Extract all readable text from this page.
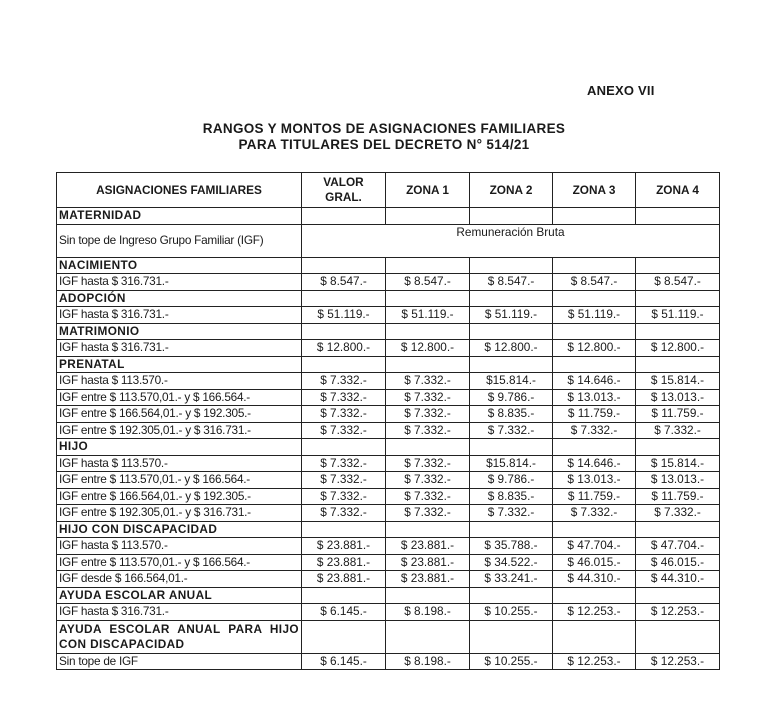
ANEXO VII
RANGOS Y MONTOS DE ASIGNACIONES FAMILIARES
PARA TITULARES DEL DECRETO N° 514/21
ASIGNACIONES FAMILIARES	VALOR GRAL.	ZONA 1	ZONA 2	ZONA 3	ZONA 4
MATERNIDAD					
Sin tope de Ingreso Grupo Familiar (IGF)	Remuneración Bruta				
NACIMIENTO					
IGF hasta $ 316.731.-	$ 8.547.-	$ 8.547.-	$ 8.547.-	$ 8.547.-	$ 8.547.-
ADOPCIÓN					
IGF hasta $ 316.731.-	$ 51.119.-	$ 51.119.-	$ 51.119.-	$ 51.119.-	$ 51.119.-
MATRIMONIO					
IGF hasta $ 316.731.-	$ 12.800.-	$ 12.800.-	$ 12.800.-	$ 12.800.-	$ 12.800.-
PRENATAL					
IGF hasta $ 113.570.-	$ 7.332.-	$ 7.332.-	$15.814.-	$ 14.646.-	$ 15.814.-
IGF entre $ 113.570,01.- y $ 166.564.-	$ 7.332.-	$ 7.332.-	$ 9.786.-	$ 13.013.-	$ 13.013.-
IGF entre $ 166.564,01.- y $ 192.305.-	$ 7.332.-	$ 7.332.-	$ 8.835.-	$ 11.759.-	$ 11.759.-
IGF entre $ 192.305,01.- y $ 316.731.-	$ 7.332.-	$ 7.332.-	$ 7.332.-	$ 7.332.-	$ 7.332.-
HIJO					
IGF hasta $ 113.570.-	$ 7.332.-	$ 7.332.-	$15.814.-	$ 14.646.-	$ 15.814.-
IGF entre $ 113.570,01.- y $ 166.564.-	$ 7.332.-	$ 7.332.-	$ 9.786.-	$ 13.013.-	$ 13.013.-
IGF entre $ 166.564,01.- y $ 192.305.-	$ 7.332.-	$ 7.332.-	$ 8.835.-	$ 11.759.-	$ 11.759.-
IGF entre $ 192.305,01.- y $ 316.731.-	$ 7.332.-	$ 7.332.-	$ 7.332.-	$ 7.332.-	$ 7.332.-
HIJO CON DISCAPACIDAD					
IGF hasta $ 113.570.-	$ 23.881.-	$ 23.881.-	$ 35.788.-	$ 47.704.-	$ 47.704.-
IGF entre $ 113.570,01.- y $ 166.564.-	$ 23.881.-	$ 23.881.-	$ 34.522.-	$ 46.015.-	$ 46.015.-
IGF desde $ 166.564,01.-	$ 23.881.-	$ 23.881.-	$ 33.241.-	$ 44.310.-	$ 44.310.-
AYUDA ESCOLAR ANUAL					
IGF hasta $ 316.731.-	$ 6.145.-	$ 8.198.-	$ 10.255.-	$ 12.253.-	$ 12.253.-
AYUDA ESCOLAR ANUAL PARA HIJO CON DISCAPACIDAD					
Sin tope de IGF	$ 6.145.-	$ 8.198.-	$ 10.255.-	$ 12.253.-	$ 12.253.-
